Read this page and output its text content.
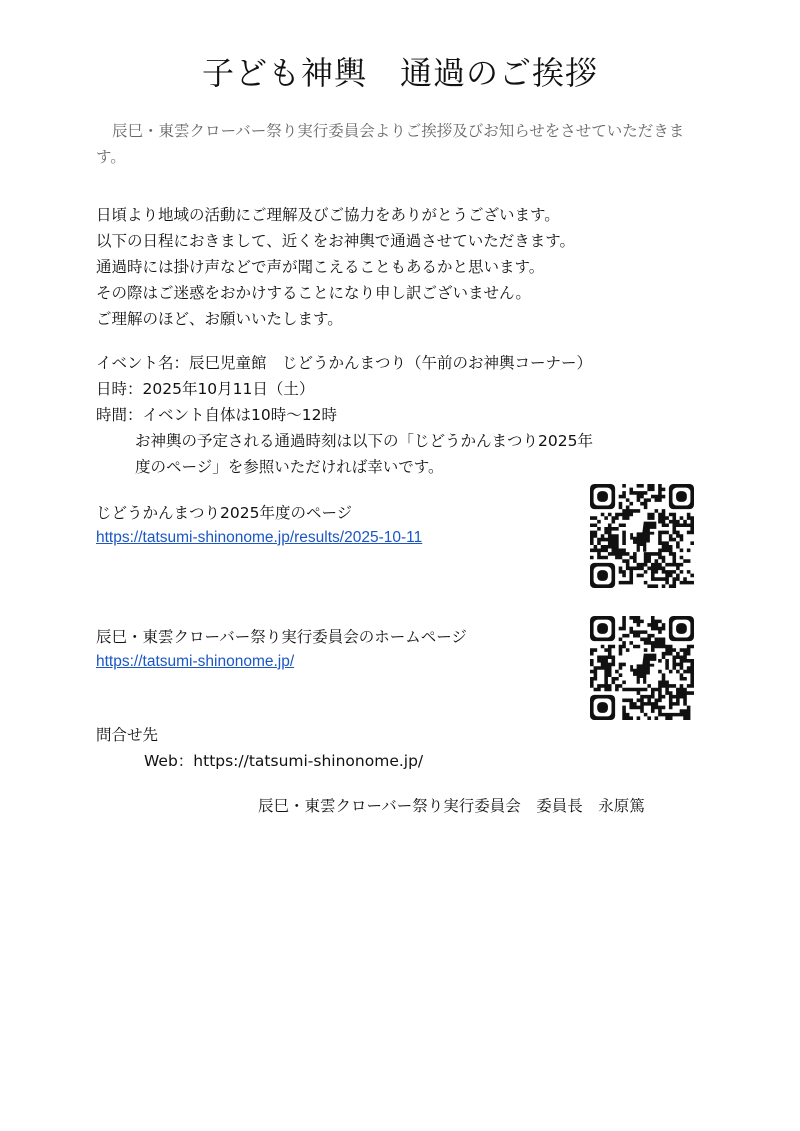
子ども神輿　通過のご挨拶
辰巳・東雲クローバー祭り実行委員会よりご挨拶及びお知らせをさせていただきます。
日頃より地域の活動にご理解及びご協力をありがとうございます。
以下の日程におきまして、近くをお神輿で通過させていただきます。
通過時には掛け声などで声が聞こえることもあるかと思います。
その際はご迷惑をおかけすることになり申し訳ございません。
ご理解のほど、お願いいたします。
イベント名：辰巳児童館　じどうかんまつり（午前のお神輿コーナー）
日時：2025年10月11日（土）
時間：イベント自体は10時～12時
お神輿の予定される通過時刻は以下の「じどうかんまつり2025年
度のページ」を参照いただければ幸いです。
じどうかんまつり2025年度のページ
https://tatsumi-shinonome.jp/results/2025-10-11
辰巳・東雲クローバー祭り実行委員会のホームページ
https://tatsumi-shinonome.jp/
問合せ先
Web：https://tatsumi-shinonome.jp/
辰巳・東雲クローバー祭り実行委員会　委員長　永原篤
